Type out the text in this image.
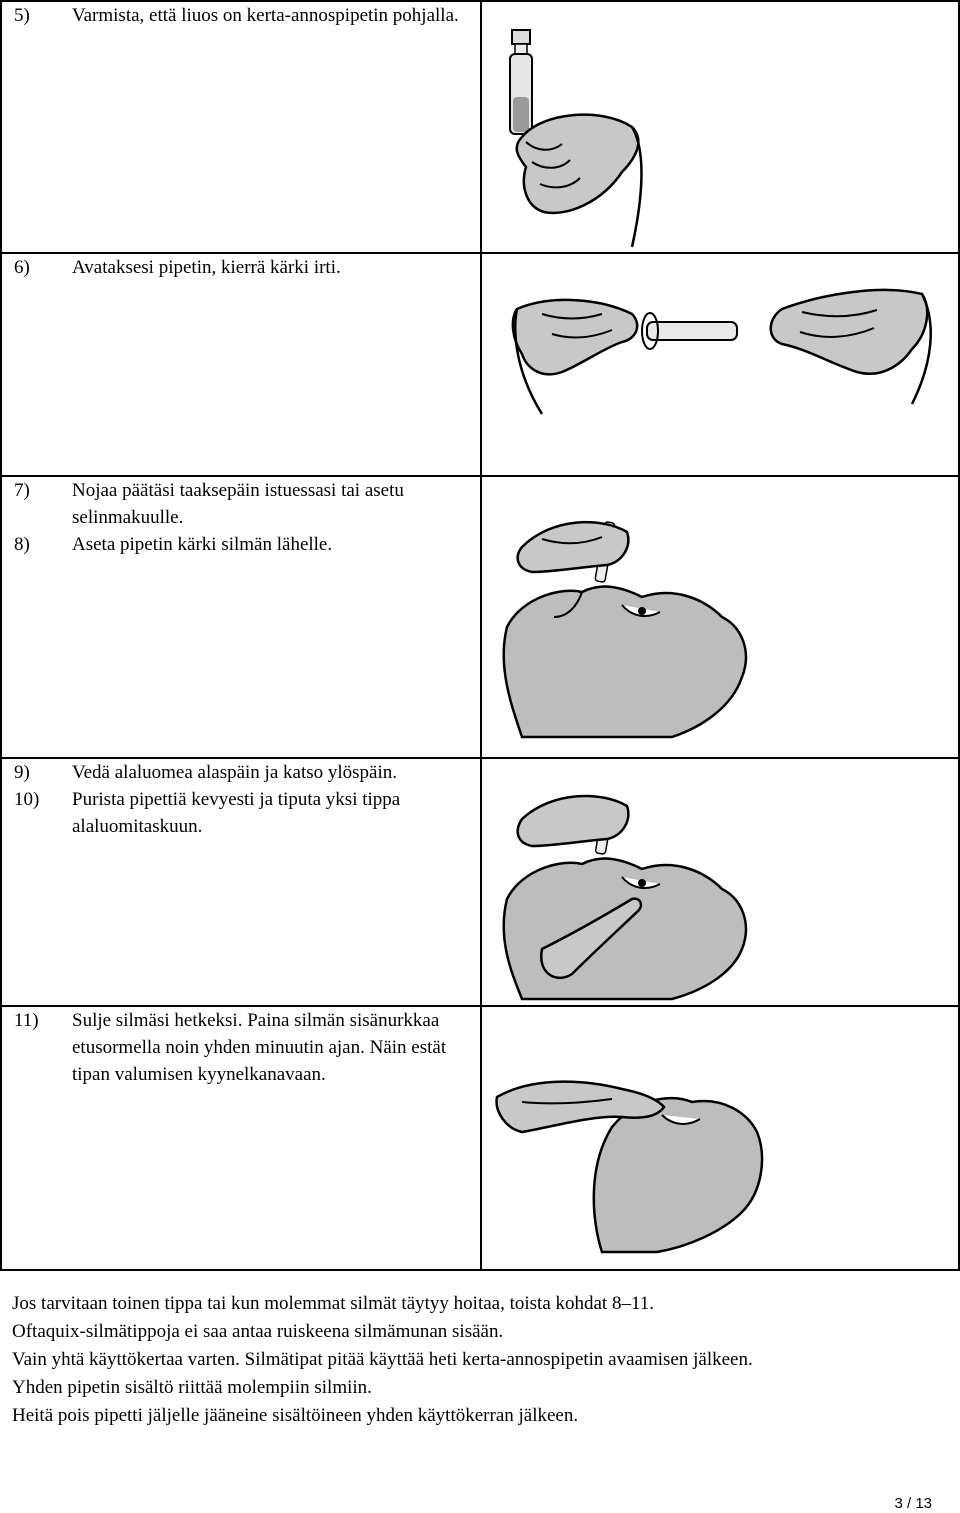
5) Varmista, että liuos on kerta-annospipetin pohjalla.

6) Avataksesi pipetin, kierrä kärki irti.

7) Nojaa päätäsi taaksepäin istuessasi tai asetu selinmakuulle.
8) Aseta pipetin kärki silmän lähelle.

9) Vedä alaluomea alaspäin ja katso ylöspäin.
10) Purista pipettiä kevyesti ja tiputa yksi tippa alaluomitaskuun.

11) Sulje silmäsi hetkeksi. Paina silmän sisänurkkaa etusormella noin yhden minuutin ajan. Näin estät tipan valumisen kyynelkanavaan.

Jos tarvitaan toinen tippa tai kun molemmat silmät täytyy hoitaa, toista kohdat 8–11.
Oftaquix-silmätippoja ei saa antaa ruiskeena silmämunan sisään.
Vain yhtä käyttökertaa varten. Silmätipat pitää käyttää heti kerta-annospipetin avaamisen jälkeen.
Yhden pipetin sisältö riittää molempiin silmiin.
Heitä pois pipetti jäljelle jääneine sisältöineen yhden käyttökerran jälkeen.
3 / 13
